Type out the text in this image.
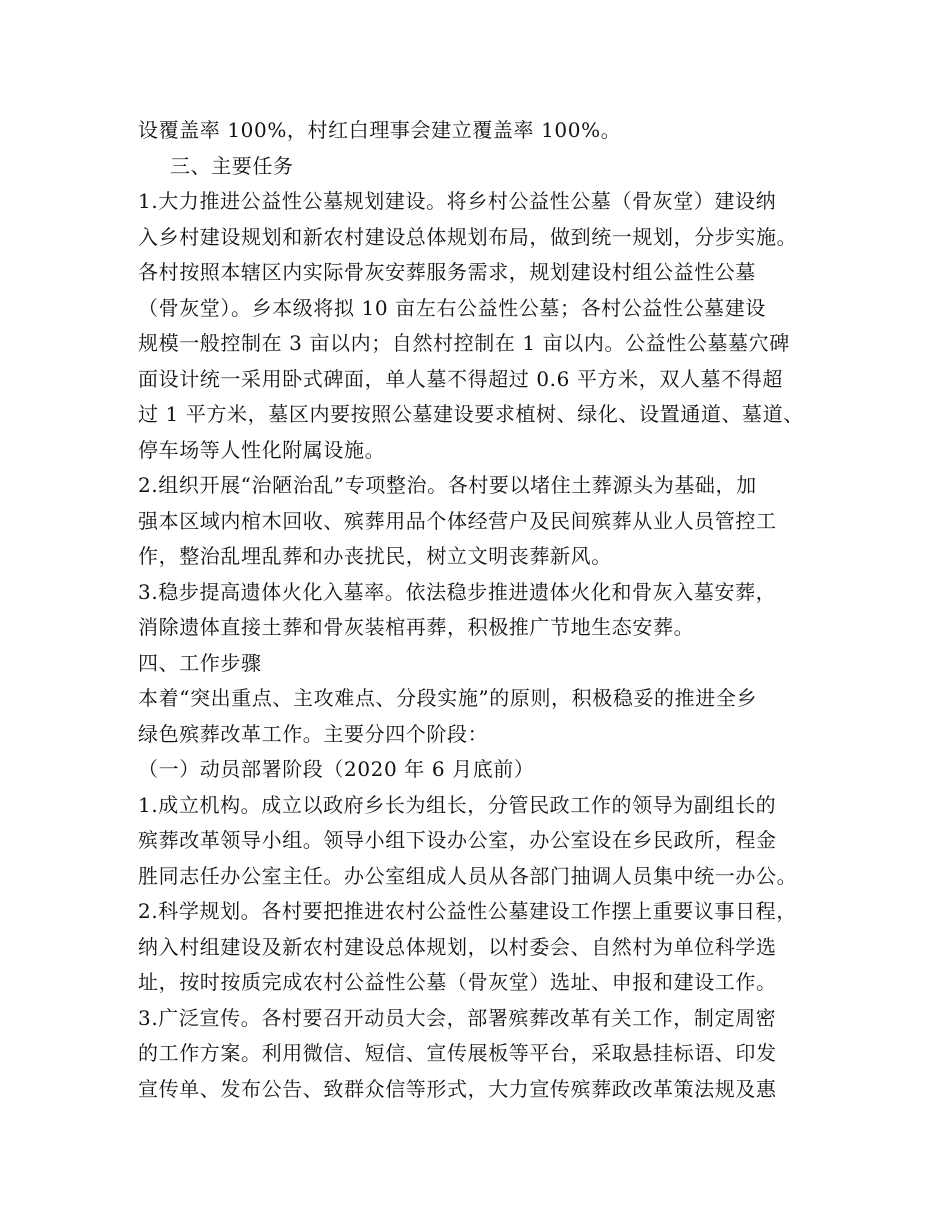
设覆盖率 100%，村红白理事会建立覆盖率 100%。
三、主要任务
1.大力推进公益性公墓规划建设。将乡村公益性公墓（骨灰堂）建设纳
入乡村建设规划和新农村建设总体规划布局，做到统一规划，分步实施。
各村按照本辖区内实际骨灰安葬服务需求，规划建设村组公益性公墓
（骨灰堂）。乡本级将拟 10 亩左右公益性公墓；各村公益性公墓建设
规模一般控制在 3 亩以内；自然村控制在 1 亩以内。公益性公墓墓穴碑
面设计统一采用卧式碑面，单人墓不得超过 0.6 平方米，双人墓不得超
过 1 平方米，墓区内要按照公墓建设要求植树、绿化、设置通道、墓道、
停车场等人性化附属设施。
2.组织开展“治陋治乱”专项整治。各村要以堵住土葬源头为基础，加
强本区域内棺木回收、殡葬用品个体经营户及民间殡葬从业人员管控工
作，整治乱埋乱葬和办丧扰民，树立文明丧葬新风。
3.稳步提高遗体火化入墓率。依法稳步推进遗体火化和骨灰入墓安葬，
消除遗体直接土葬和骨灰装棺再葬，积极推广节地生态安葬。
四、工作步骤
本着“突出重点、主攻难点、分段实施”的原则，积极稳妥的推进全乡
绿色殡葬改革工作。主要分四个阶段：
（一）动员部署阶段（2020 年 6 月底前）
1.成立机构。成立以政府乡长为组长，分管民政工作的领导为副组长的
殡葬改革领导小组。领导小组下设办公室，办公室设在乡民政所，程金
胜同志任办公室主任。办公室组成人员从各部门抽调人员集中统一办公。
2.科学规划。各村要把推进农村公益性公墓建设工作摆上重要议事日程，
纳入村组建设及新农村建设总体规划，以村委会、自然村为单位科学选
址，按时按质完成农村公益性公墓（骨灰堂）选址、申报和建设工作。
3.广泛宣传。各村要召开动员大会，部署殡葬改革有关工作，制定周密
的工作方案。利用微信、短信、宣传展板等平台，采取悬挂标语、印发
宣传单、发布公告、致群众信等形式，大力宣传殡葬政改革策法规及惠
